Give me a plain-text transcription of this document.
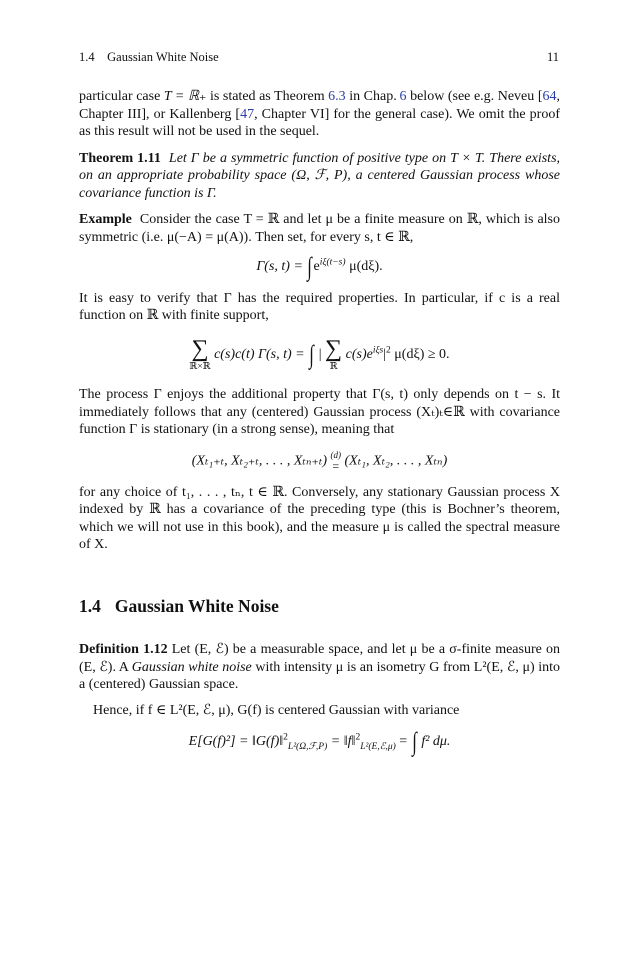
1.4 Gaussian White Noise	11

particular case T = ℝ₊ is stated as Theorem 6.3 in Chap. 6 below (see e.g. Neveu [64, Chapter III], or Kallenberg [47, Chapter VI] for the general case). We omit the proof as this result will not be used in the sequel.

Theorem 1.11 Let Γ be a symmetric function of positive type on T × T. There exists, on an appropriate probability space (Ω, ℱ, P), a centered Gaussian process whose covariance function is Γ.

Example Consider the case T = ℝ and let μ be a finite measure on ℝ, which is also symmetric (i.e. μ(−A) = μ(A)). Then set, for every s, t ∈ ℝ,

Γ(s, $t) = \int e^{i\xi(t-s)}$ μ(dξ).

It is easy to verify that Γ has the required properties. In particular, if c is a real function on ℝ with finite support,

∑
ℝ×ℝ
c(s)c(t) Γ(s, t) = ∫ | ∑
ℝ
$c(s)e^{i\xi s}|^2$ μ(dξ) ≥ 0.

The process Γ enjoys the additional property that Γ(s, t) only depends on t − s. It immediately follows that any (centered) Gaussian process (Xₜ)ₜ∈ℝ with covariance function Γ is stationary (in a strong sense), meaning that

(Xₜ₁₊ₜ, Xₜ₂₊ₜ, . . . , Xₜₙ₊ₜ) (d)
= (Xₜ₁, Xₜ₂, . . . , Xₜₙ)

for any choice of t₁, . . . , tₙ, t ∈ ℝ. Conversely, any stationary Gaussian process X indexed by ℝ has a covariance of the preceding type (this is Bochner’s theorem, which we will not use in this book), and the measure μ is called the spectral measure of X.

1.4 Gaussian White Noise

Definition 1.12 Let (E, ℰ) be a measurable space, and let μ be a σ-finite measure on (E, ℰ). A Gaussian white noise with intensity μ is an isometry G from L²(E, ℰ, μ) into a (centered) Gaussian space.

Hence, if f ∈ L²(E, ℰ, μ), G(f) is centered Gaussian with variance

E[G(f)²] = ‖G(f)‖$^2_{L^2(\Omega,ℱ,P)}$ = ‖f‖$^2_{L^2(E,ℰ,\mu)}$ = ∫ f² dμ.
